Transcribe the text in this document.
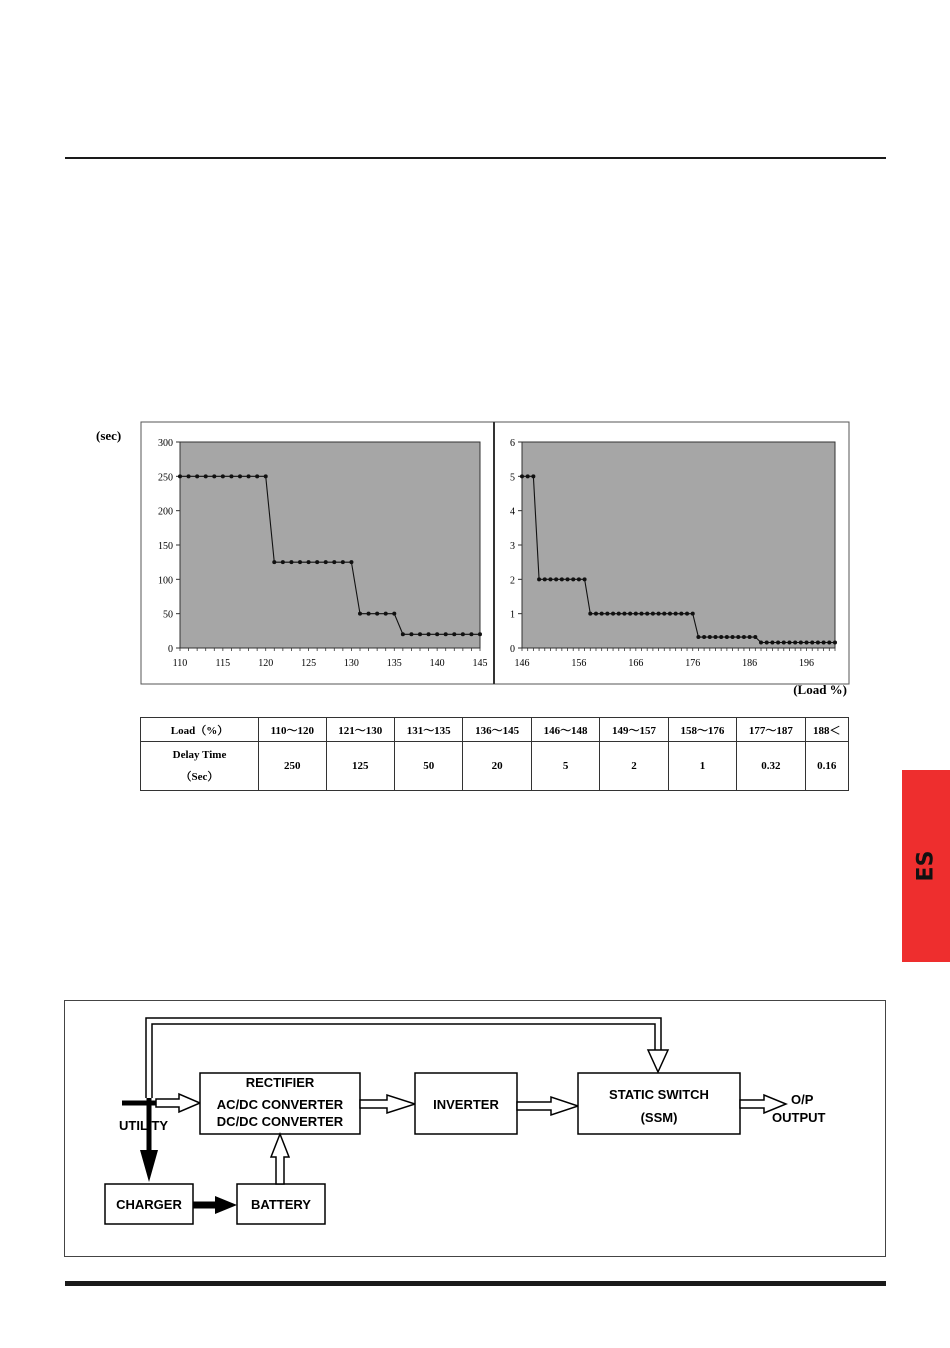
ES
(sec)
(Load %)
0
50
100
150
200
250
300
110	115	120	125	130	135	140	145
0
1
2
3
4
5
6
146	156	166	176	186	196
Load（%）	110～120	121～130	131～135	136～145	146～148	149～157	158～176	177～187	188＜

Delay Time
（Sec）	250	125	50	20	5	2	1	0.32	0.16
UTILITY
RECTIFIER
AC/DC CONVERTER
DC/DC CONVERTER
INVERTER
STATIC SWITCH
(SSM)
O/P
OUTPUT
CHARGER	BATTERY
